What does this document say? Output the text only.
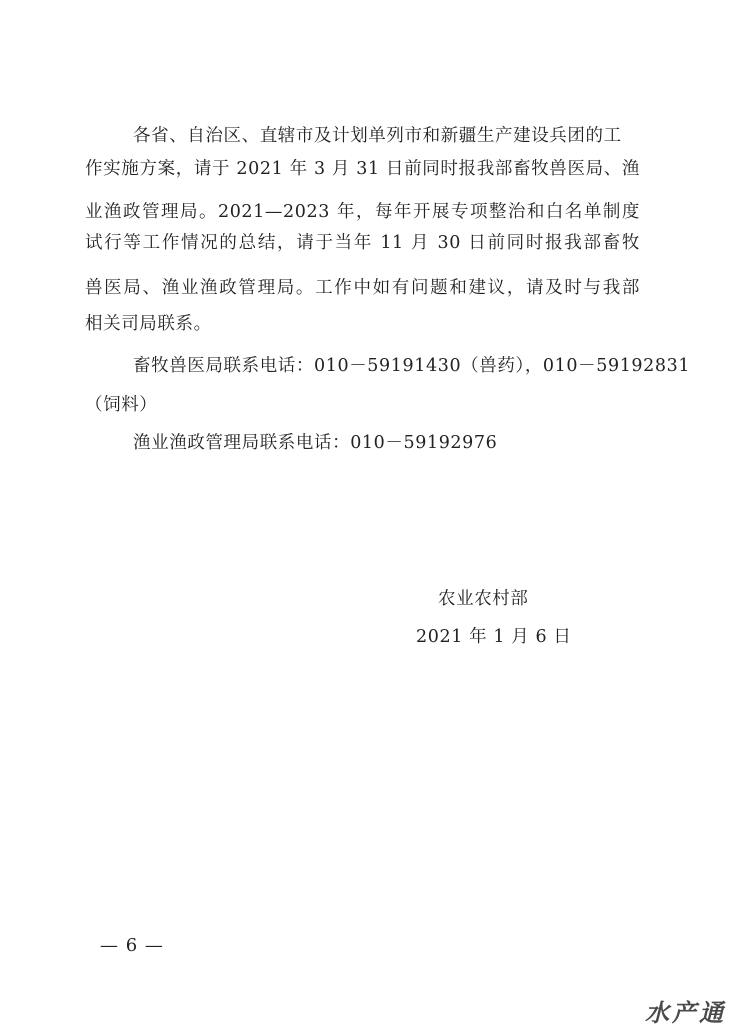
各省、自治区、直辖市及计划单列市和新疆生产建设兵团的工
作实施方案，请于 2021 年 3 月 31 日前同时报我部畜牧兽医局、渔
业渔政管理局。2021—2023 年，每年开展专项整治和白名单制度
试行等工作情况的总结，请于当年 11 月 30 日前同时报我部畜牧
兽医局、渔业渔政管理局。工作中如有问题和建议，请及时与我部
相关司局联系。
畜牧兽医局联系电话：010－59191430（兽药），010－59192831
（饲料）
渔业渔政管理局联系电话：010－59192976
农业农村部
2021 年 1 月 6 日
— 6 —
水产通
